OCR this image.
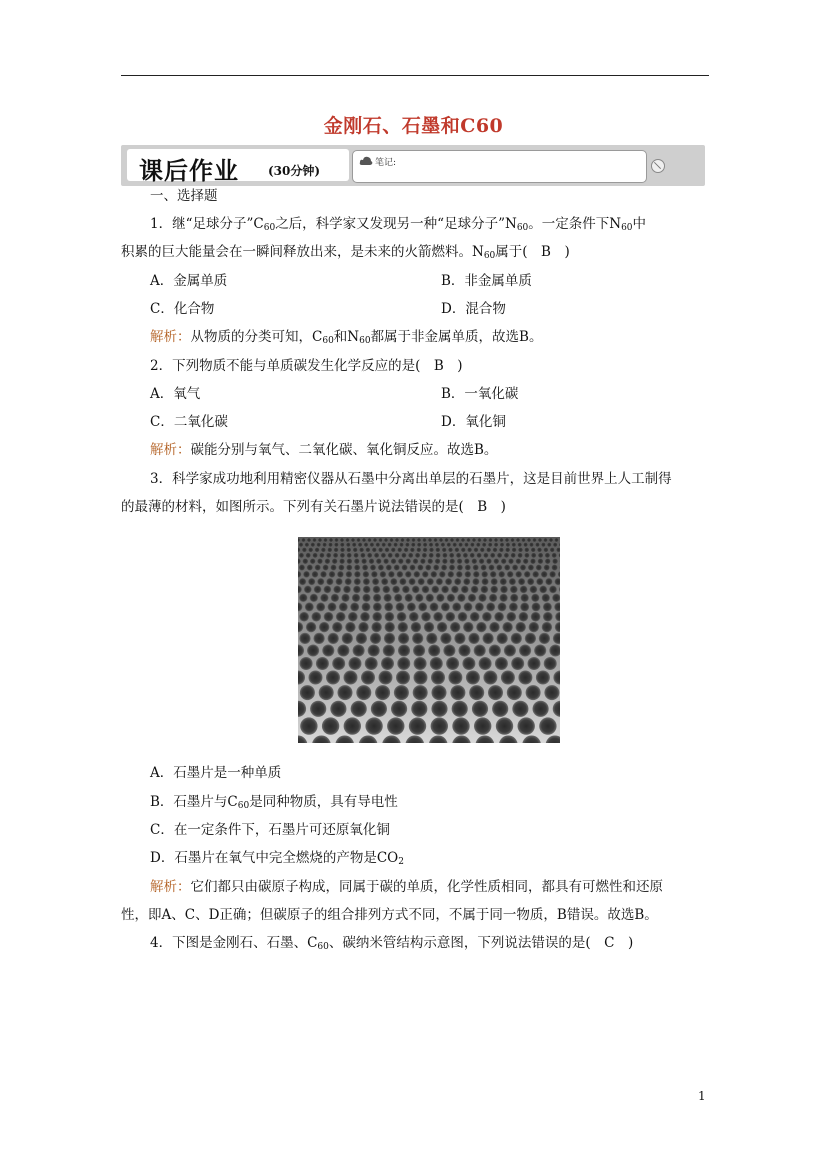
金刚石、石墨和C60
课后作业 (30分钟)
笔记:
一、选择题
1．继“足球分子$”C_{60}$之后，科学家又发现另一种“足球分子$”N_{60}$。一定条件下$N_{60}$中
积累的巨大能量会在一瞬间释放出来，是未来的火箭燃料。$N_{60}$属于(　B　)
A．金属单质	B．非金属单质
C．化合物	D．混合物
解析：从物质的分类可知，$C_{60}$和$N_{60}$都属于非金属单质，故选B。
2．下列物质不能与单质碳发生化学反应的是(　B　)
A．氧气	B．一氧化碳
C．二氧化碳	D．氧化铜
解析：碳能分别与氧气、二氧化碳、氧化铜反应。故选B。
3．科学家成功地利用精密仪器从石墨中分离出单层的石墨片，这是目前世界上人工制得
的最薄的材料，如图所示。下列有关石墨片说法错误的是(　B　)
A．石墨片是一种单质
B．石墨片与$C_{60}$是同种物质，具有导电性
C．在一定条件下，石墨片可还原氧化铜
D．石墨片在氧气中完全燃烧的产物是$CO_2$
解析：它们都只由碳原子构成，同属于碳的单质，化学性质相同，都具有可燃性和还原
性，即A、C、D正确；但碳原子的组合排列方式不同，不属于同一物质，B错误。故选B。
4．下图是金刚石、石墨、$C_{60}$、碳纳米管结构示意图，下列说法错误的是(　C　)
1
